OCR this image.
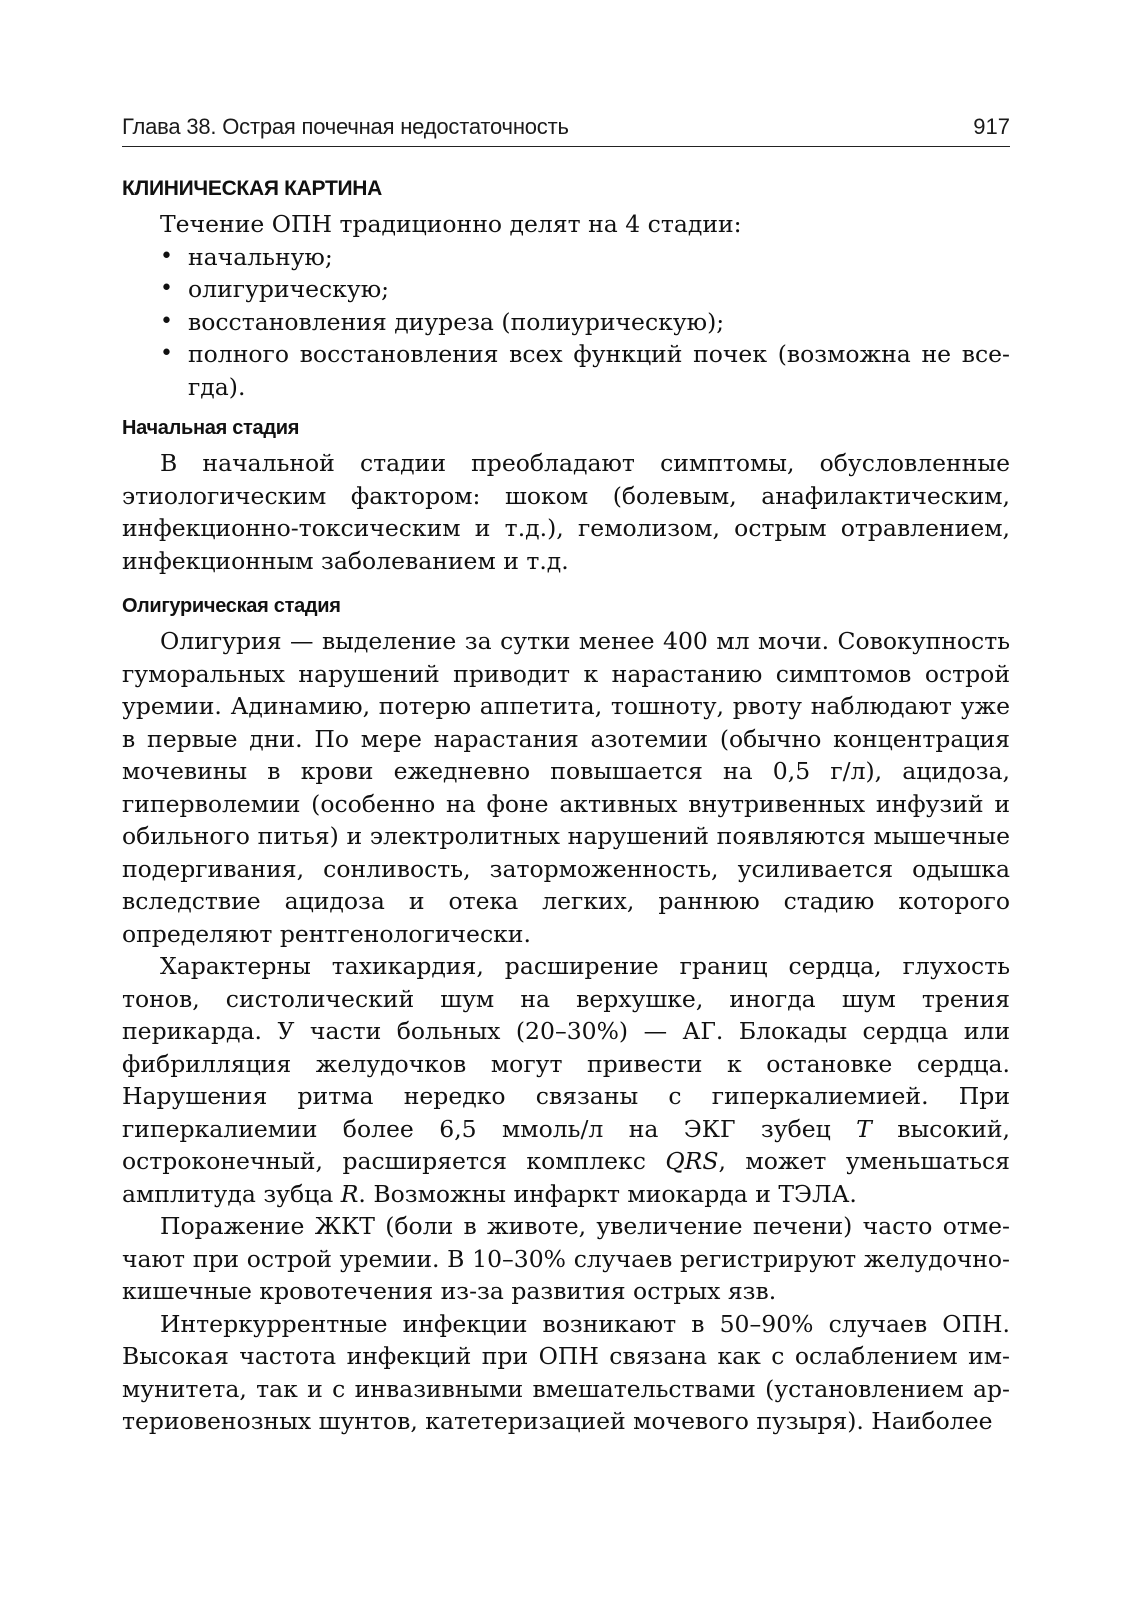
Глава 38. Острая почечная недостаточность	917
КЛИНИЧЕСКАЯ КАРТИНА

Течение ОПН традиционно делят на 4 стадии:

• начальную;
• олигурическую;
• восстановления диуреза (полиурическую);
• полного восстановления всех функций почек (возможна не всегда).
Начальная стадия

В начальной стадии преобладают симптомы, обусловленные этиологическим фактором: шоком (болевым, анафилактическим, инфекционно-токсическим и т.д.), гемолизом, острым отравлением, инфекционным заболеванием и т.д.

Олигурическая стадия

Олигурия — выделение за сутки менее 400 мл мочи. Совокупность гуморальных нарушений приводит к нарастанию симптомов острой уремии. Адинамию, потерю аппетита, тошноту, рвоту наблюдают уже в первые дни. По мере нарастания азотемии (обычно концентрация мочевины в крови ежедневно повышается на 0,5 г/л), ацидоза, гиперволемии (особенно на фоне активных внутривенных инфузий и обильного питья) и электролитных нарушений появляются мышечные подергивания, сонливость, заторможенность, усиливается одышка вследствие ацидоза и отека легких, раннюю стадию которого определяют рентгенологически.

Характерны тахикардия, расширение границ сердца, глухость тонов, систолический шум на верхушке, иногда шум трения перикарда. У части больных (20–30%) — АГ. Блокады сердца или фибрилляция желудочков могут привести к остановке сердца. Нарушения ритма нередко связаны с гиперкалиемией. При гиперкалиемии более 6,5 ммоль/л на ЭКГ зубец T высокий, остроконечный, расширяется комплекс QRS, может уменьшаться амплитуда зубца R. Возможны инфаркт миокарда и ТЭЛА.

Поражение ЖКТ (боли в животе, увеличение печени) часто отмечают при острой уремии. В 10–30% случаев регистрируют желудочно-кишечные кровотечения из-за развития острых язв.

Интеркуррентные инфекции возникают в 50–90% случаев ОПН. Высокая частота инфекций при ОПН связана как с ослаблением иммунитета, так и с инвазивными вмешательствами (установлением артериовенозных шунтов, катетеризацией мочевого пузыря). Наиболее
